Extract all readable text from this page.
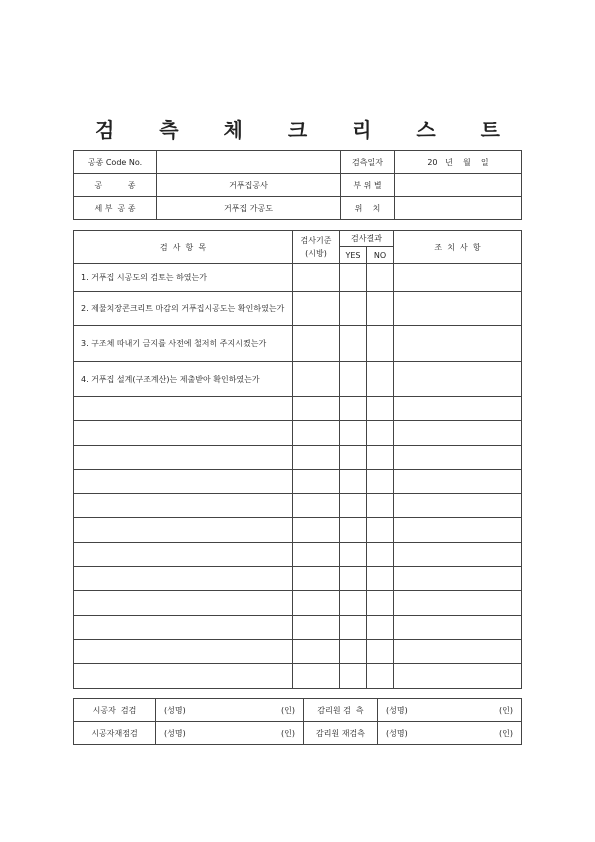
검 측 체 크 리 스 트
공종 Code No.		검측일자	20   년    월    일
공          종	거푸집공사	부 위 별	
세 부  공 종	거푸집 가공도	위    치	
검  사  항  목	검사기준
(시방)	검사결과		조  치  사  항
		YES	NO	
1. 거푸집 시공도의 검토는 하였는가				
2. 제물치장콘크리트 마감의 거푸집시공도는 확인하였는가				
3. 구조체 따내기 금지를 사전에 철저히 주지시켰는가				
4. 거푸집 설계(구조계산)는 제출받아 확인하였는가				

시공자  검검	(성명) (인)	감리원 검  측	(성명) (인)

시공자재점검	(성명) (인)	감리원 재검측	(성명) (인)
